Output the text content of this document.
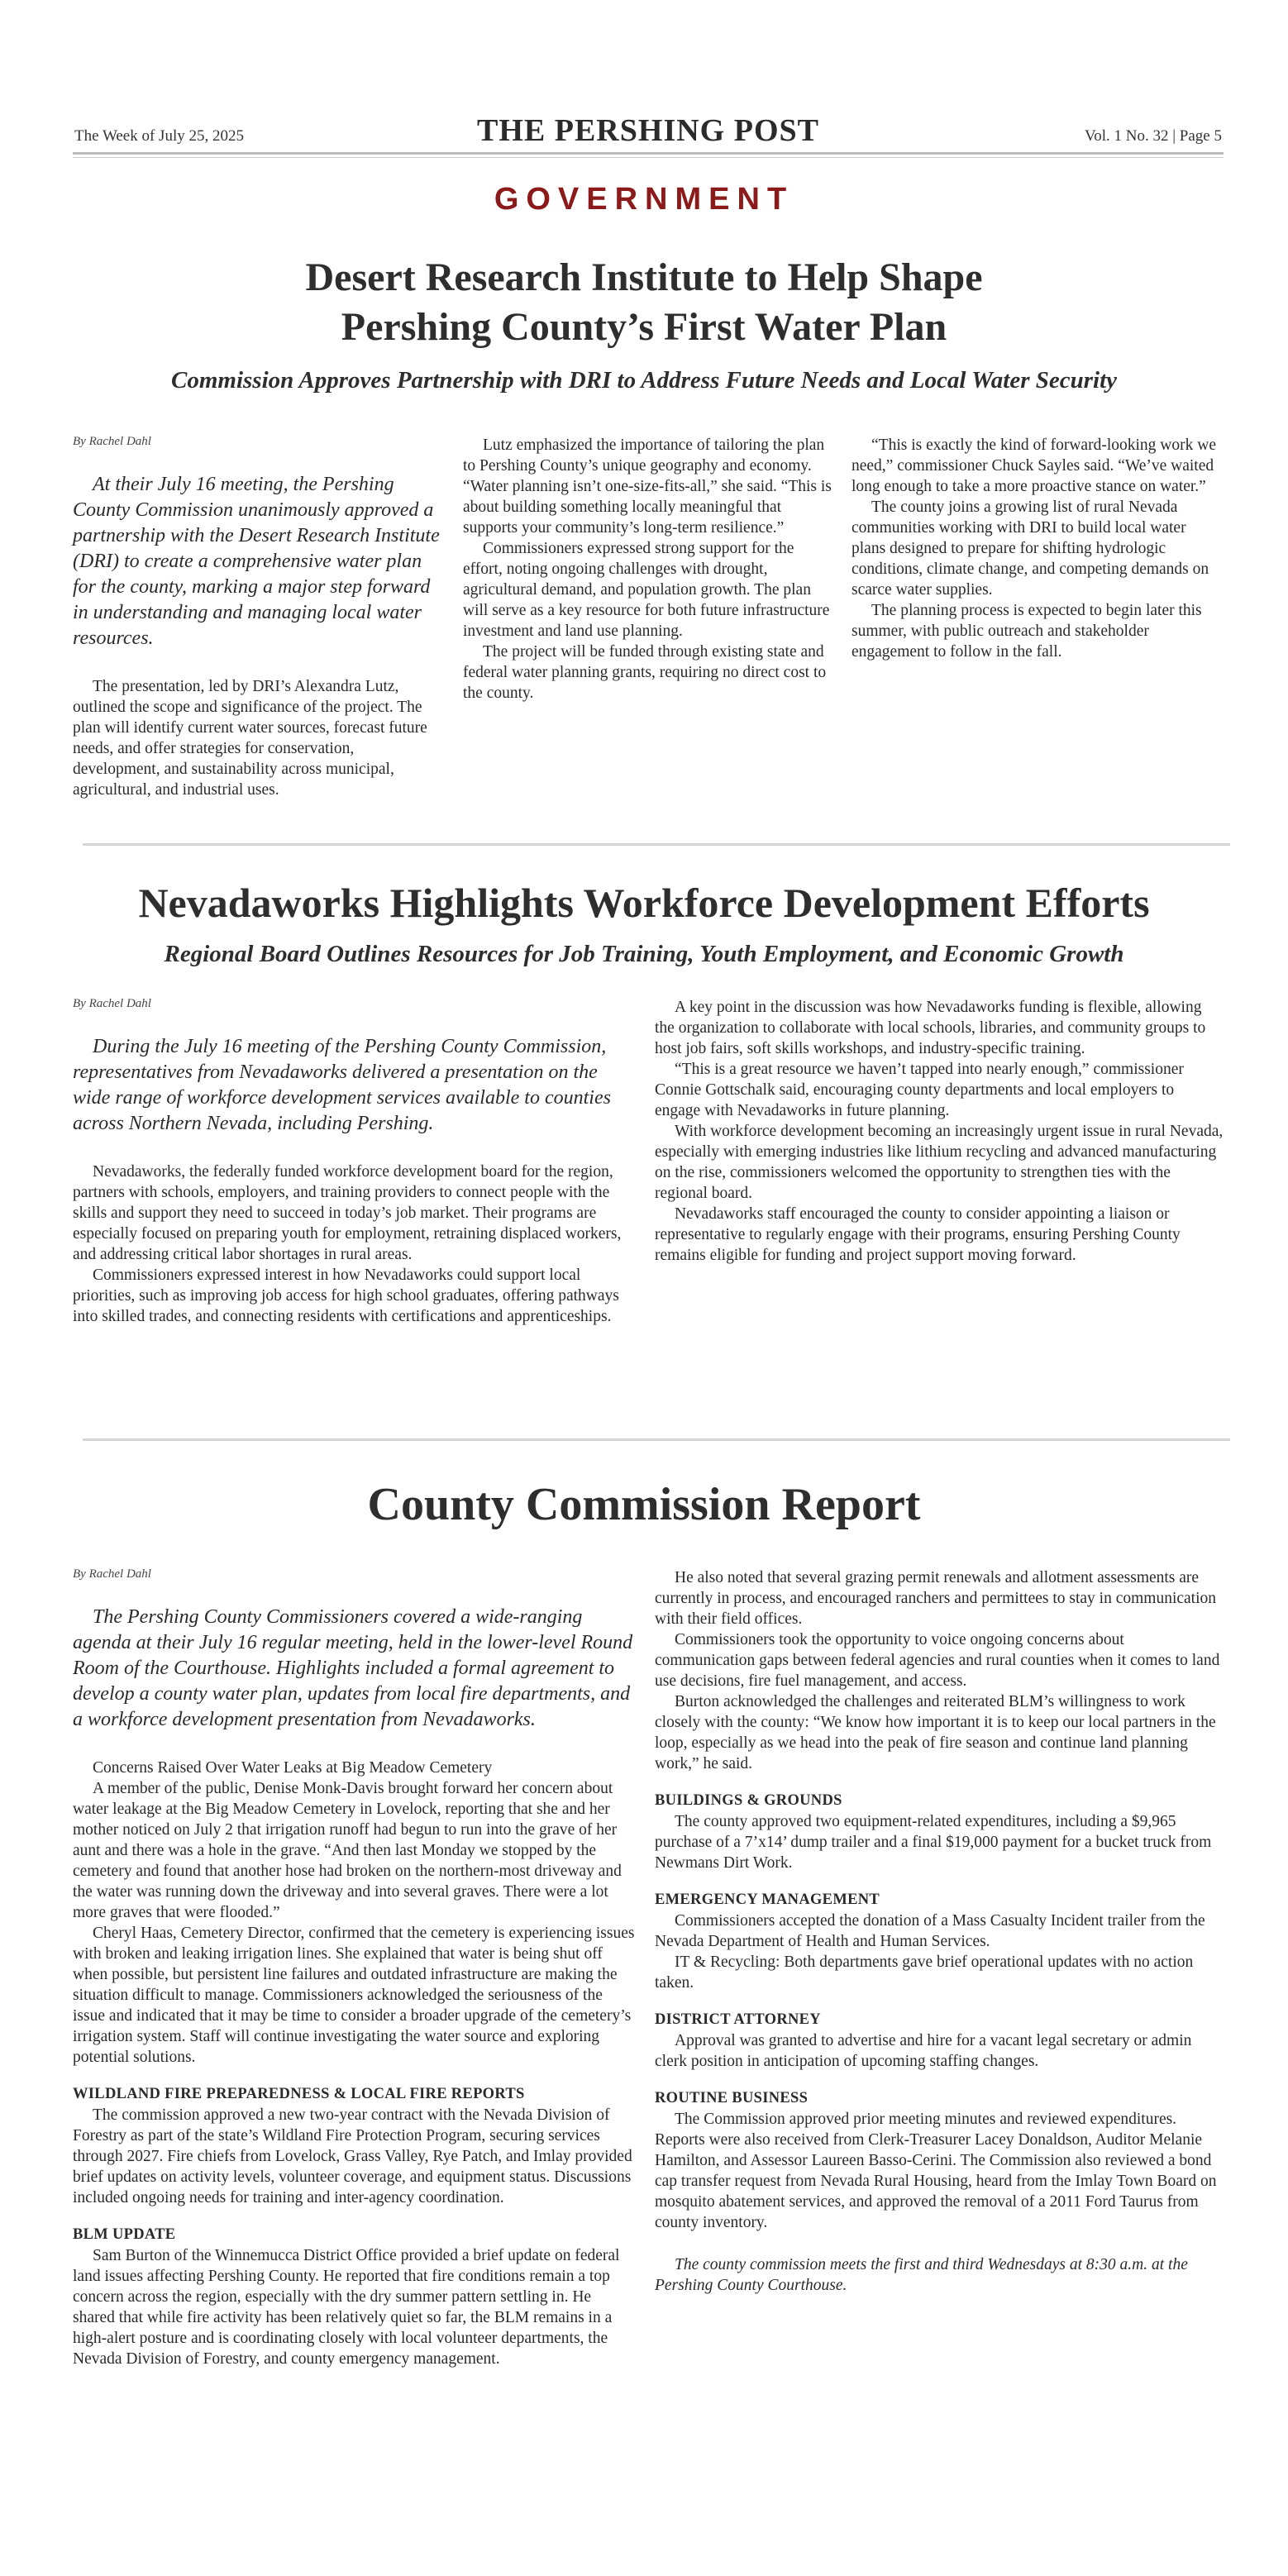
The Week of July 25, 2025	THE PERSHING POST	Vol. 1 No. 32 | Page 5
GOVERNMENT
Desert Research Institute to Help Shape
Pershing County’s First Water Plan
Commission Approves Partnership with DRI to Address Future Needs and Local Water Security
By Rachel Dahl
At their July 16 meeting, the Pershing County Commission unanimously approved a partnership with the Desert Research Institute (DRI) to create a comprehensive water plan for the county, marking a major step forward in understanding and managing local water resources.

The presentation, led by DRI’s Alexandra Lutz, outlined the scope and significance of the project. The plan will identify current water sources, forecast future needs, and offer strategies for conservation, development, and sustainability across municipal, agricultural, and industrial uses.

Lutz emphasized the importance of tailoring the plan to Pershing County’s unique geography and economy. “Water planning isn’t one-size-fits-all,” she said. “This is about building something locally meaningful that supports your community’s long-term resilience.”

Commissioners expressed strong support for the effort, noting ongoing challenges with drought, agricultural demand, and population growth. The plan will serve as a key resource for both future infrastructure investment and land use planning.

The project will be funded through existing state and federal water planning grants, requiring no direct cost to the county.

“This is exactly the kind of forward-looking work we need,” commissioner Chuck Sayles said. “We’ve waited long enough to take a more proactive stance on water.”

The county joins a growing list of rural Nevada communities working with DRI to build local water plans designed to prepare for shifting hydrologic conditions, climate change, and competing demands on scarce water supplies.

The planning process is expected to begin later this summer, with public outreach and stakeholder engagement to follow in the fall.

Nevadaworks Highlights Workforce Development Efforts
Regional Board Outlines Resources for Job Training, Youth Employment, and Economic Growth
By Rachel Dahl
During the July 16 meeting of the Pershing County Commission, representatives from Nevadaworks delivered a presentation on the wide range of workforce development services available to counties across Northern Nevada, including Pershing.

Nevadaworks, the federally funded workforce development board for the region, partners with schools, employers, and training providers to connect people with the skills and support they need to succeed in today’s job market. Their programs are especially focused on preparing youth for employment, retraining displaced workers, and addressing critical labor shortages in rural areas.

Commissioners expressed interest in how Nevadaworks could support local priorities, such as improving job access for high school graduates, offering pathways into skilled trades, and connecting residents with certifications and apprenticeships.

A key point in the discussion was how Nevadaworks funding is flexible, allowing the organization to collaborate with local schools, libraries, and community groups to host job fairs, soft skills workshops, and industry-specific training.

“This is a great resource we haven’t tapped into nearly enough,” commissioner Connie Gottschalk said, encouraging county departments and local employers to engage with Nevadaworks in future planning.

With workforce development becoming an increasingly urgent issue in rural Nevada, especially with emerging industries like lithium recycling and advanced manufacturing on the rise, commissioners welcomed the opportunity to strengthen ties with the regional board.

Nevadaworks staff encouraged the county to consider appointing a liaison or representative to regularly engage with their programs, ensuring Pershing County remains eligible for funding and project support moving forward.

County Commission Report
By Rachel Dahl
The Pershing County Commissioners covered a wide-ranging agenda at their July 16 regular meeting, held in the lower-level Round Room of the Courthouse. Highlights included a formal agreement to develop a county water plan, updates from local fire departments, and a workforce development presentation from Nevadaworks.

Concerns Raised Over Water Leaks at Big Meadow Cemetery

A member of the public, Denise Monk-Davis brought forward her concern about water leakage at the Big Meadow Cemetery in Lovelock, reporting that she and her mother noticed on July 2 that irrigation runoff had begun to run into the grave of her aunt and there was a hole in the grave. “And then last Monday we stopped by the cemetery and found that another hose had broken on the northern-most driveway and the water was running down the driveway and into several graves. There were a lot more graves that were flooded.”

Cheryl Haas, Cemetery Director, confirmed that the cemetery is experiencing issues with broken and leaking irrigation lines. She explained that water is being shut off when possible, but persistent line failures and outdated infrastructure are making the situation difficult to manage. Commissioners acknowledged the seriousness of the issue and indicated that it may be time to consider a broader upgrade of the cemetery’s irrigation system. Staff will continue investigating the water source and exploring potential solutions.

WILDLAND FIRE PREPAREDNESS & LOCAL FIRE REPORTS

The commission approved a new two-year contract with the Nevada Division of Forestry as part of the state’s Wildland Fire Protection Program, securing services through 2027. Fire chiefs from Lovelock, Grass Valley, Rye Patch, and Imlay provided brief updates on activity levels, volunteer coverage, and equipment status. Discussions included ongoing needs for training and inter-agency coordination.

BLM UPDATE

Sam Burton of the Winnemucca District Office provided a brief update on federal land issues affecting Pershing County. He reported that fire conditions remain a top concern across the region, especially with the dry summer pattern settling in. He shared that while fire activity has been relatively quiet so far, the BLM remains in a high-alert posture and is coordinating closely with local volunteer departments, the Nevada Division of Forestry, and county emergency management.

He also noted that several grazing permit renewals and allotment assessments are currently in process, and encouraged ranchers and permittees to stay in communication with their field offices.

Commissioners took the opportunity to voice ongoing concerns about communication gaps between federal agencies and rural counties when it comes to land use decisions, fire fuel management, and access.

Burton acknowledged the challenges and reiterated BLM’s willingness to work closely with the county: “We know how important it is to keep our local partners in the loop, especially as we head into the peak of fire season and continue land planning work,” he said.

BUILDINGS & GROUNDS

The county approved two equipment-related expenditures, including a $9,965 purchase of a 7’x14’ dump trailer and a final $19,000 payment for a bucket truck from Newmans Dirt Work.

EMERGENCY MANAGEMENT

Commissioners accepted the donation of a Mass Casualty Incident trailer from the Nevada Department of Health and Human Services.

IT & Recycling: Both departments gave brief operational updates with no action taken.

DISTRICT ATTORNEY

Approval was granted to advertise and hire for a vacant legal secretary or admin clerk position in anticipation of upcoming staffing changes.

ROUTINE BUSINESS

The Commission approved prior meeting minutes and reviewed expenditures. Reports were also received from Clerk-Treasurer Lacey Donaldson, Auditor Melanie Hamilton, and Assessor Laureen Basso-Cerini. The Commission also reviewed a bond cap transfer request from Nevada Rural Housing, heard from the Imlay Town Board on mosquito abatement services, and approved the removal of a 2011 Ford Taurus from county inventory.

The county commission meets the first and third Wednesdays at 8:30 a.m. at the Pershing County Courthouse.
